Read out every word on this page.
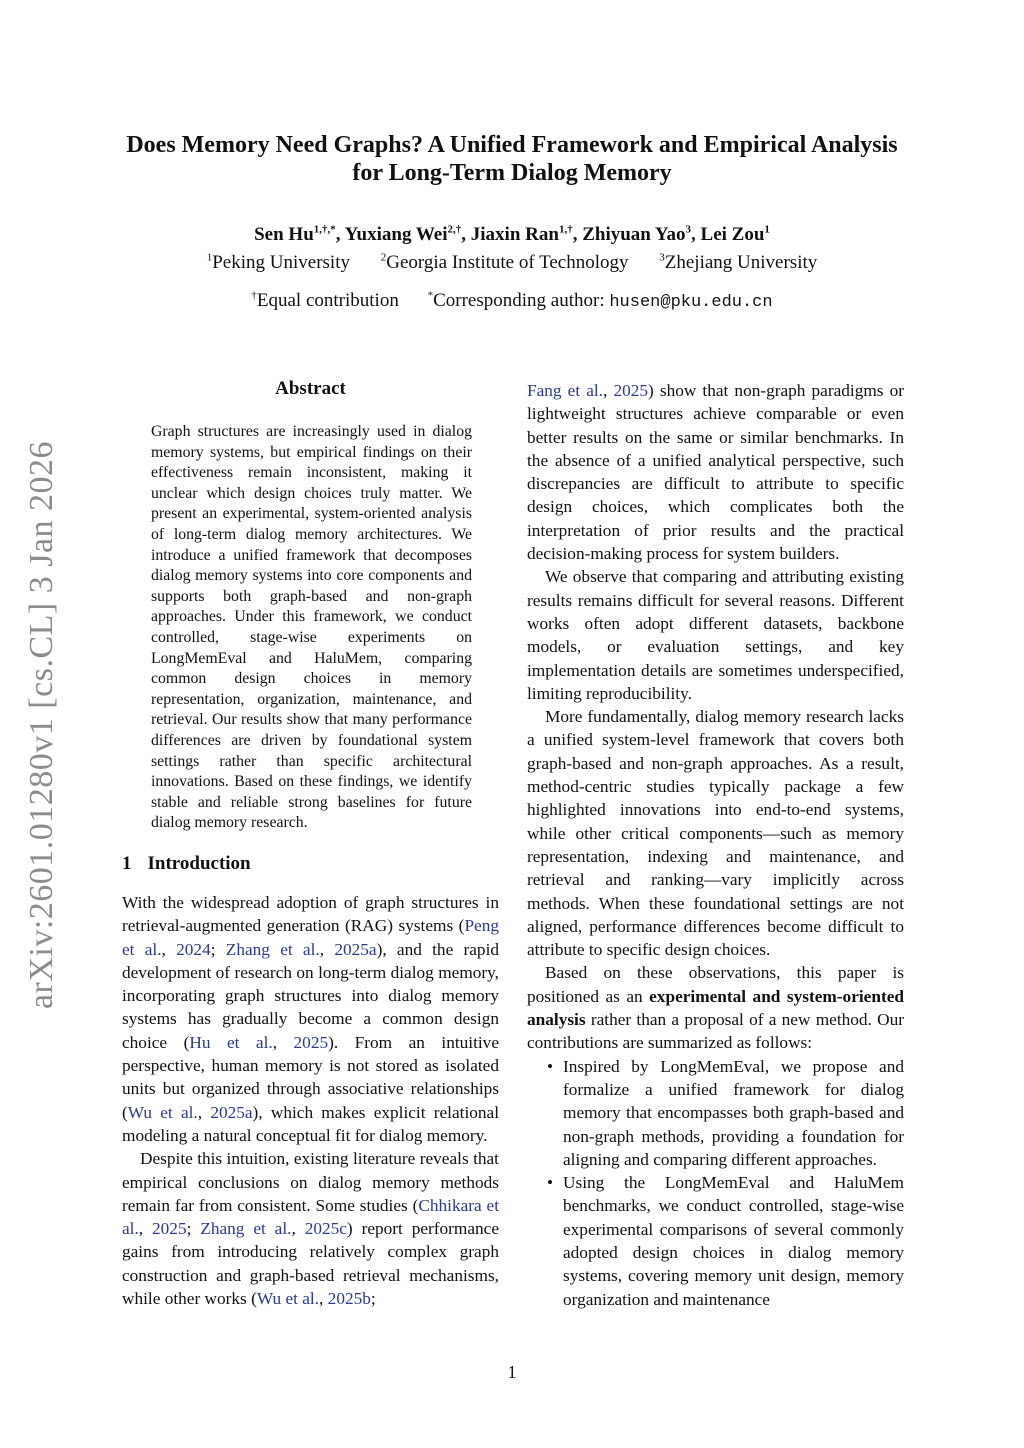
arXiv:2601.01280v1 [cs.CL] 3 Jan 2026
Does Memory Need Graphs? A Unified Framework and Empirical Analysis
for Long-Term Dialog Memory
Sen $Hu^{1,\dagger,*}$, Yuxiang Wei$^{2,\dagger}$, Jiaxin Ran$^{1,\dagger}$, Zhiyuan Yao$^3$, Lei Zou$^1$
$^1$Peking University	$^2$Georgia Institute of Technology	$^3$Zhejiang University
†Equal contribution	*Corresponding author: husen@pku.edu.cn
Abstract
Graph structures are increasingly used in dialog memory systems, but empirical findings on their effectiveness remain inconsistent, making it unclear which design choices truly matter. We present an experimental, system-oriented analysis of long-term dialog memory architectures. We introduce a unified framework that decomposes dialog memory systems into core components and supports both graph-based and non-graph approaches. Under this framework, we conduct controlled, stage-wise experiments on LongMemEval and HaluMem, comparing common design choices in memory representation, organization, maintenance, and retrieval. Our results show that many performance differences are driven by foundational system settings rather than specific architectural innovations. Based on these findings, we identify stable and reliable strong baselines for future dialog memory research.
1 Introduction

With the widespread adoption of graph structures in retrieval-augmented generation (RAG) systems (Peng et al., 2024; Zhang et al., 2025a), and the rapid development of research on long-term dialog memory, incorporating graph structures into dialog memory systems has gradually become a common design choice (Hu et al., 2025). From an intuitive perspective, human memory is not stored as isolated units but organized through associative relationships (Wu et al., 2025a), which makes explicit relational modeling a natural conceptual fit for dialog memory.

Despite this intuition, existing literature reveals that empirical conclusions on dialog memory methods remain far from consistent. Some studies (Chhikara et al., 2025; Zhang et al., 2025c) report performance gains from introducing relatively complex graph construction and graph-based retrieval mechanisms, while other works (Wu et al., 2025b;

Fang et al., 2025) show that non-graph paradigms or lightweight structures achieve comparable or even better results on the same or similar benchmarks. In the absence of a unified analytical perspective, such discrepancies are difficult to attribute to specific design choices, which complicates both the interpretation of prior results and the practical decision-making process for system builders.

We observe that comparing and attributing existing results remains difficult for several reasons. Different works often adopt different datasets, backbone models, or evaluation settings, and key implementation details are sometimes underspecified, limiting reproducibility.

More fundamentally, dialog memory research lacks a unified system-level framework that covers both graph-based and non-graph approaches. As a result, method-centric studies typically package a few highlighted innovations into end-to-end systems, while other critical components—such as memory representation, indexing and maintenance, and retrieval and ranking—vary implicitly across methods. When these foundational settings are not aligned, performance differences become difficult to attribute to specific design choices.

Based on these observations, this paper is positioned as an experimental and system-oriented analysis rather than a proposal of a new method. Our contributions are summarized as follows:

• Inspired by LongMemEval, we propose and formalize a unified framework for dialog memory that encompasses both graph-based and non-graph methods, providing a foundation for aligning and comparing different approaches.
• Using the LongMemEval and HaluMem benchmarks, we conduct controlled, stage-wise experimental comparisons of several commonly adopted design choices in dialog memory systems, covering memory unit design, memory organization and maintenance
1
